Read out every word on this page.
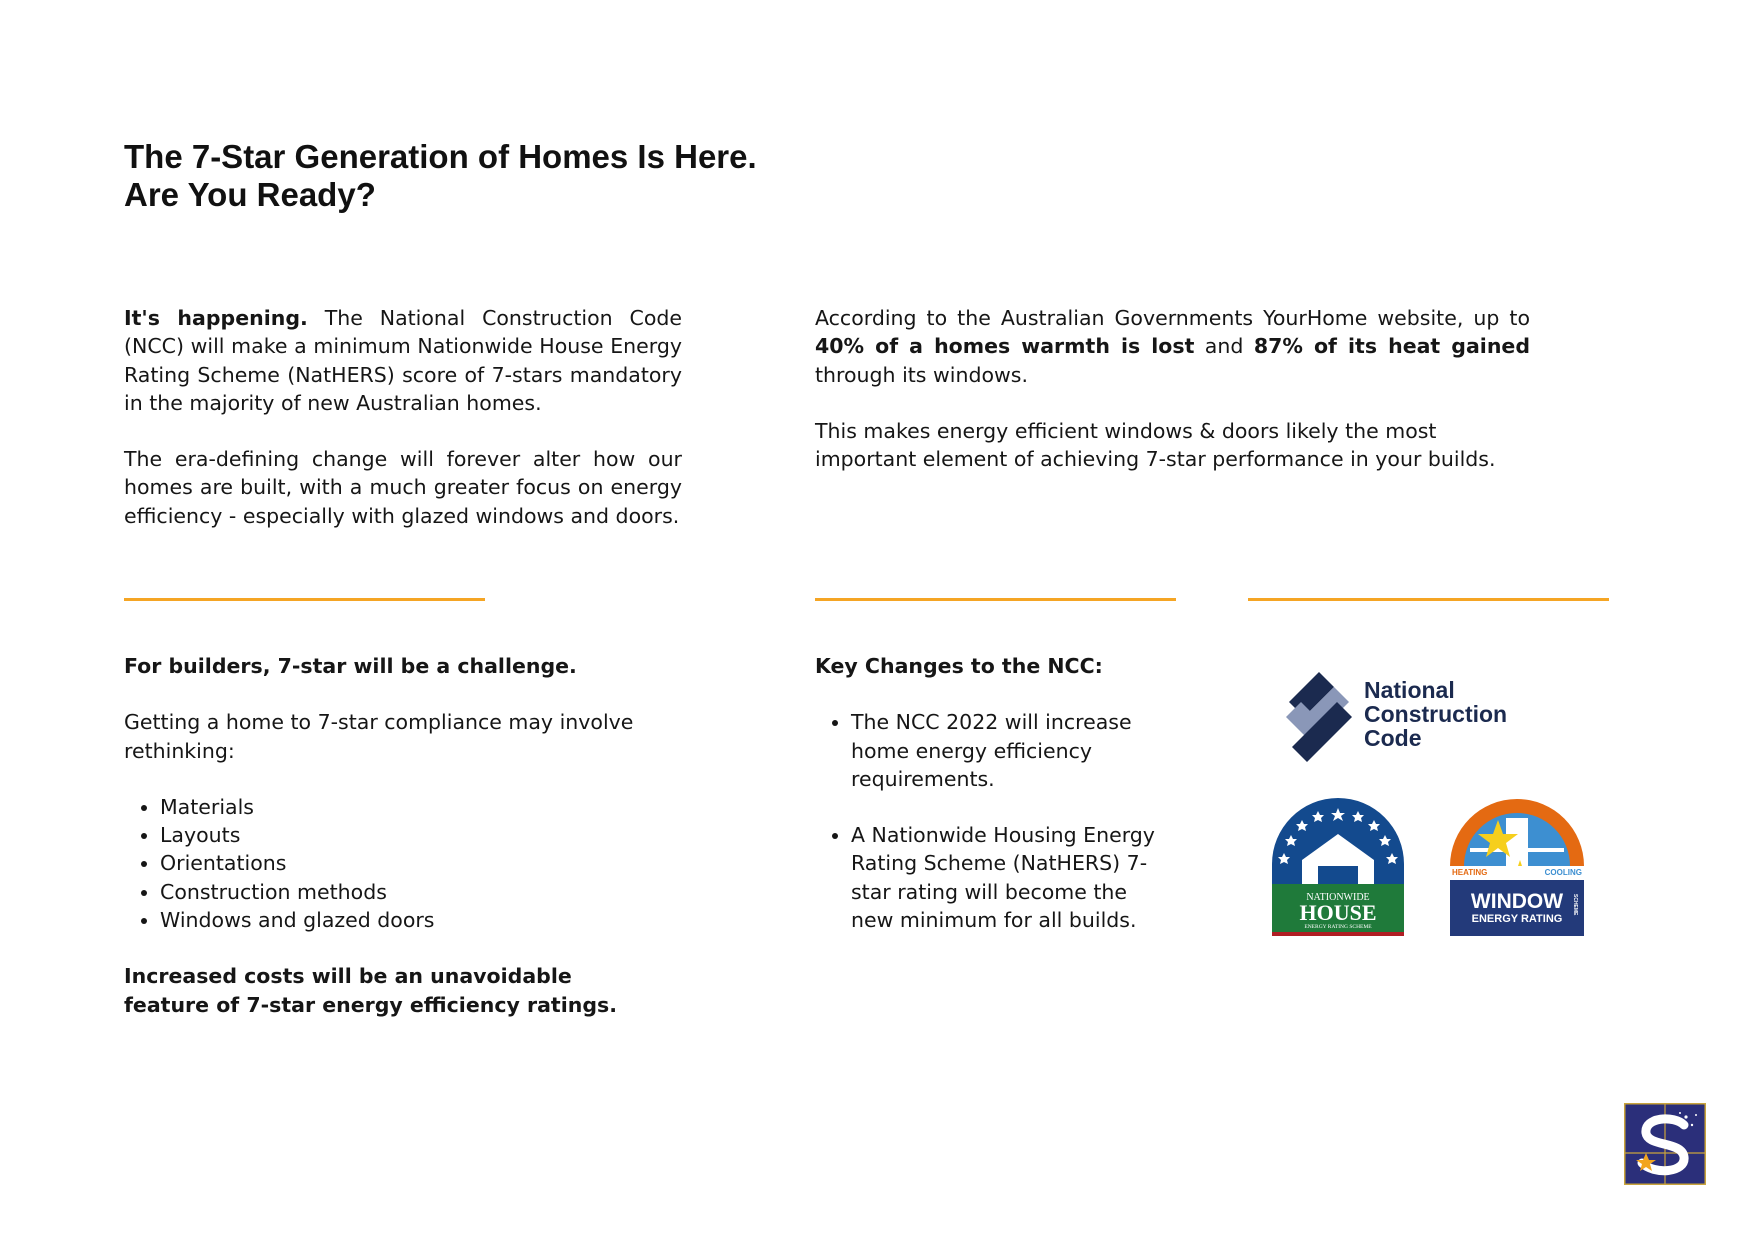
The 7-Star Generation of Homes Is Here.
Are You Ready?

It's happening. The National Construction Code (NCC) will make a minimum Nationwide House Energy Rating Scheme (NatHERS) score of 7-stars mandatory in the majority of new Australian homes.

The era-defining change will forever alter how our homes are built, with a much greater focus on energy efficiency - especially with glazed windows and doors.

According to the Australian Governments YourHome website, up to 40% of a homes warmth is lost and 87% of its heat gained through its windows.

This makes energy efficient windows & doors likely the most important element of achieving 7-star performance in your builds.

For builders, 7-star will be a challenge.

Getting a home to 7-star compliance may involve rethinking:

• Materials
• Layouts
• Orientations
• Construction methods
• Windows and glazed doors

Increased costs will be an unavoidable feature of 7-star energy efficiency ratings.

Key Changes to the NCC:

• The NCC 2022 will increase home energy efficiency requirements.
• A Nationwide Housing Energy Rating Scheme (NatHERS) 7-star rating will become the new minimum for all builds.
National
Construction
Code
NATIONWIDE
HOUSE
ENERGY RATING SCHEME
HEATING	COOLING
WINDOW
ENERGY RATING
SCHEME
